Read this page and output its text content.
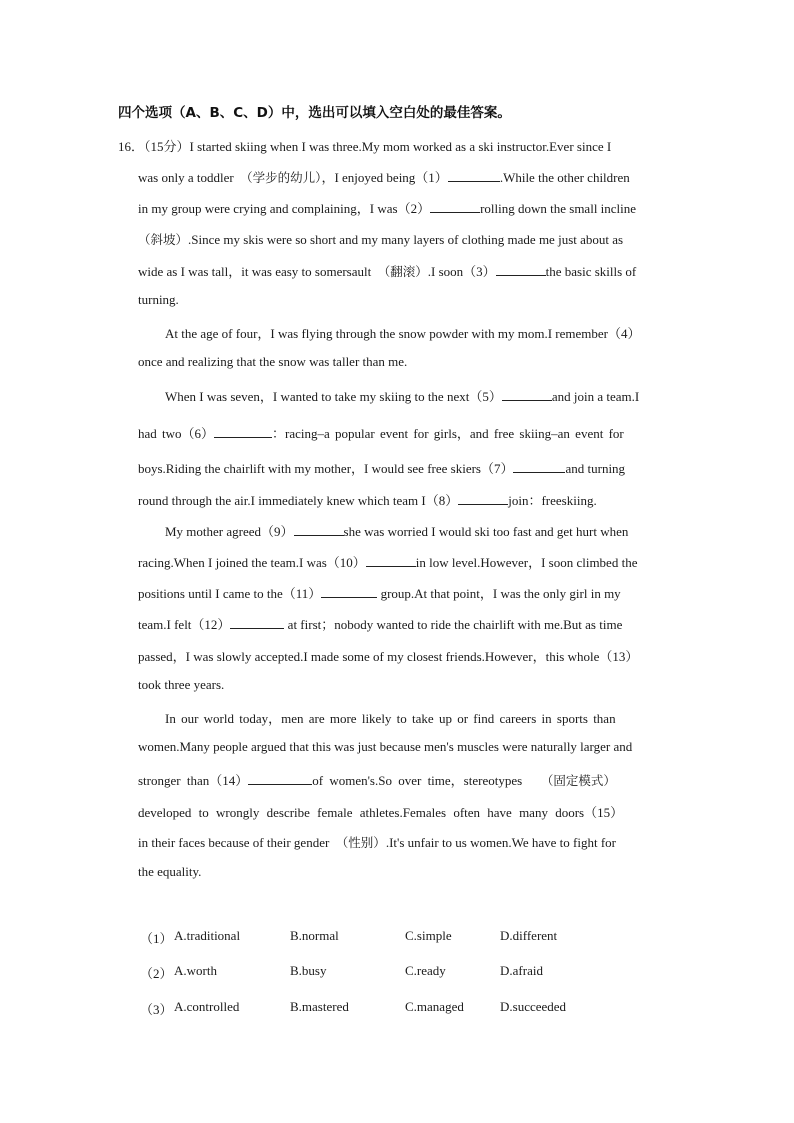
四个选项（A、B、C、D）中，选出可以填入空白处的最佳答案。
16．（15分）I started skiing when I was three.My mom worked as a ski instructor.Ever since I
was only a toddler （学步的幼儿），I enjoyed being（1）	.While the other children
in my group were crying and complaining，I was（2）	rolling down the small incline
（斜坡）.Since my skis were so short and my many layers of clothing made me just about as
wide as I was tall，it was easy to somersault （翻滚）.I soon（3）	the basic skills of
turning.
At the age of four，I was flying through the snow powder with my mom.I remember（4）
once and realizing that the snow was taller than me.
When I was seven，I wanted to take my skiing to the next（5）	and join a team.I
had two（6）	：racing–a popular event for girls，and free skiing–an event for
boys.Riding the chairlift with my mother，I would see free skiers（7）	and turning
round through the air.I immediately knew which team I（8）	join：freeskiing.
My mother agreed（9）	she was worried I would ski too fast and get hurt when
racing.When I joined the team.I was（10）	in low level.However，I soon climbed the
positions until I came to the（11）	group.At that point，I was the only girl in my
team.I felt（12）	at first；nobody wanted to ride the chairlift with me.But as time
passed，I was slowly accepted.I made some of my closest friends.However，this whole（13）
took three years.
In our world today，men are more likely to take up or find careers in sports than
women.Many people argued that this was just because men's muscles were naturally larger and
stronger than（14）	of women's.So over time，stereotypes （固定模式）
developed to wrongly describe female athletes.Females often have many doors（15）
in their faces because of their gender （性别）.It's unfair to us women.We have to fight for
the equality.
（1） A.traditional	B.normal	C.simple	D.different
（2） A.worth	B.busy	C.ready	D.afraid
（3） A.controlled	B.mastered	C.managed	D.succeeded
